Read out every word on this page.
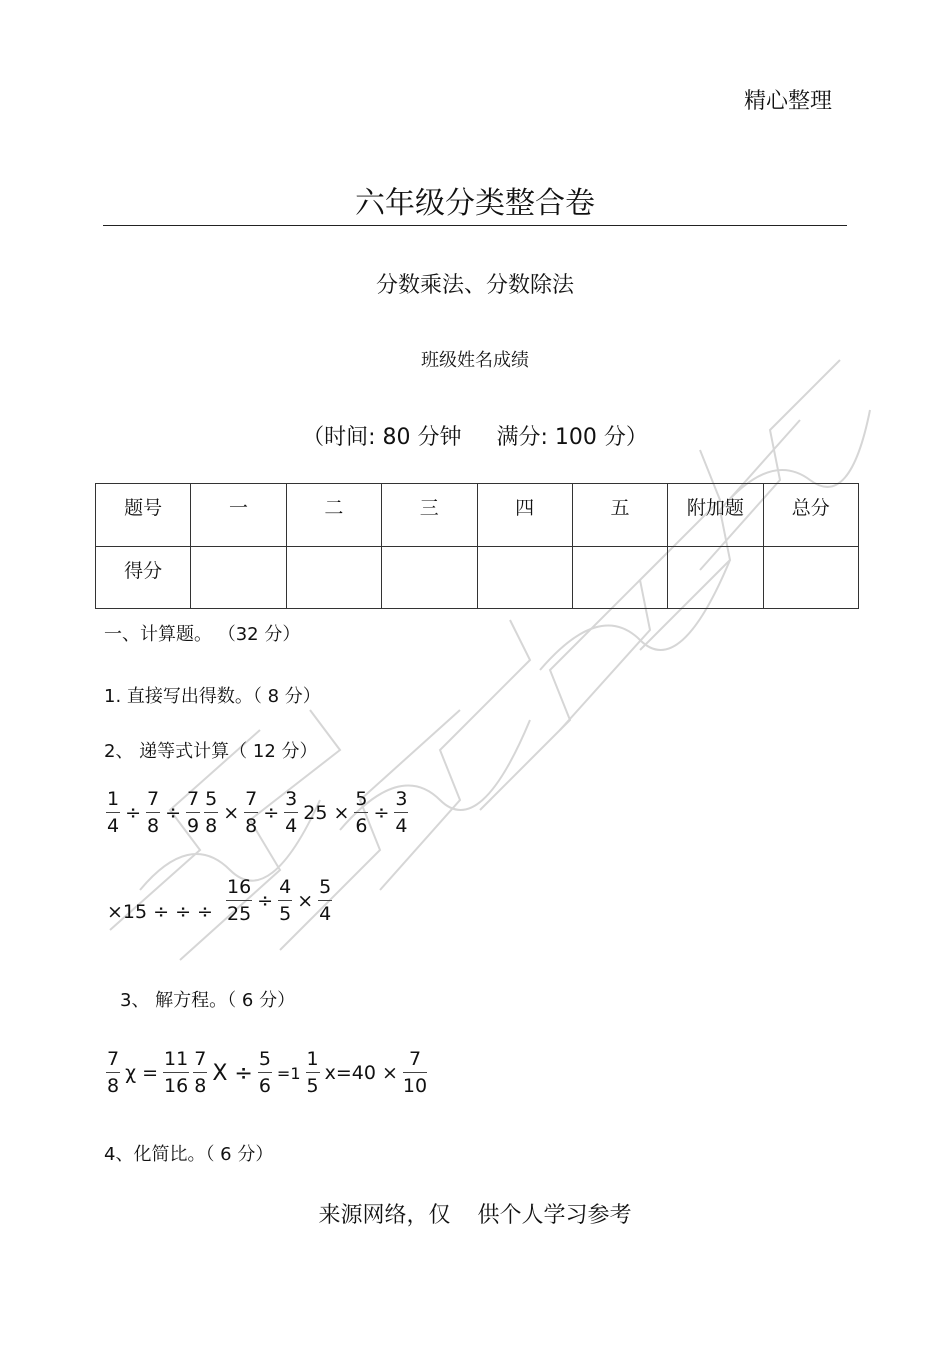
精心整理
六年级分类整合卷
分数乘法、分数除法
班级姓名成绩
（时间: 80 分钟 满分: 100 分）
题号	一	二	三	四	五	附加题	总分
得分							
一、计算题。 （32 分）
1. 直接写出得数。（ 8 分）
2、 递等式计算（ 12 分）
$\frac{1}{4} \div \frac{7}{8} \div \frac{7}{9} \frac{5}{8} \times \frac{7}{8} \div \frac{3}{4} 25 \times \frac{5}{6} \div \frac{3}{4}$
×15 ÷ ÷ ÷ $\frac{16}{25} \div \frac{4}{5} \times \frac{5}{4}$
3、 解方程。（ 6 分）
$\frac{7}{8}$ $\chi = \frac{11}{16} \frac{7}{8}$ $X \div \frac{5}{6} =1 \frac{1}{5} x=40 \times \frac{7}{10}$
4、化简比。（ 6 分）
来源网络，仅 供个人学习参考
